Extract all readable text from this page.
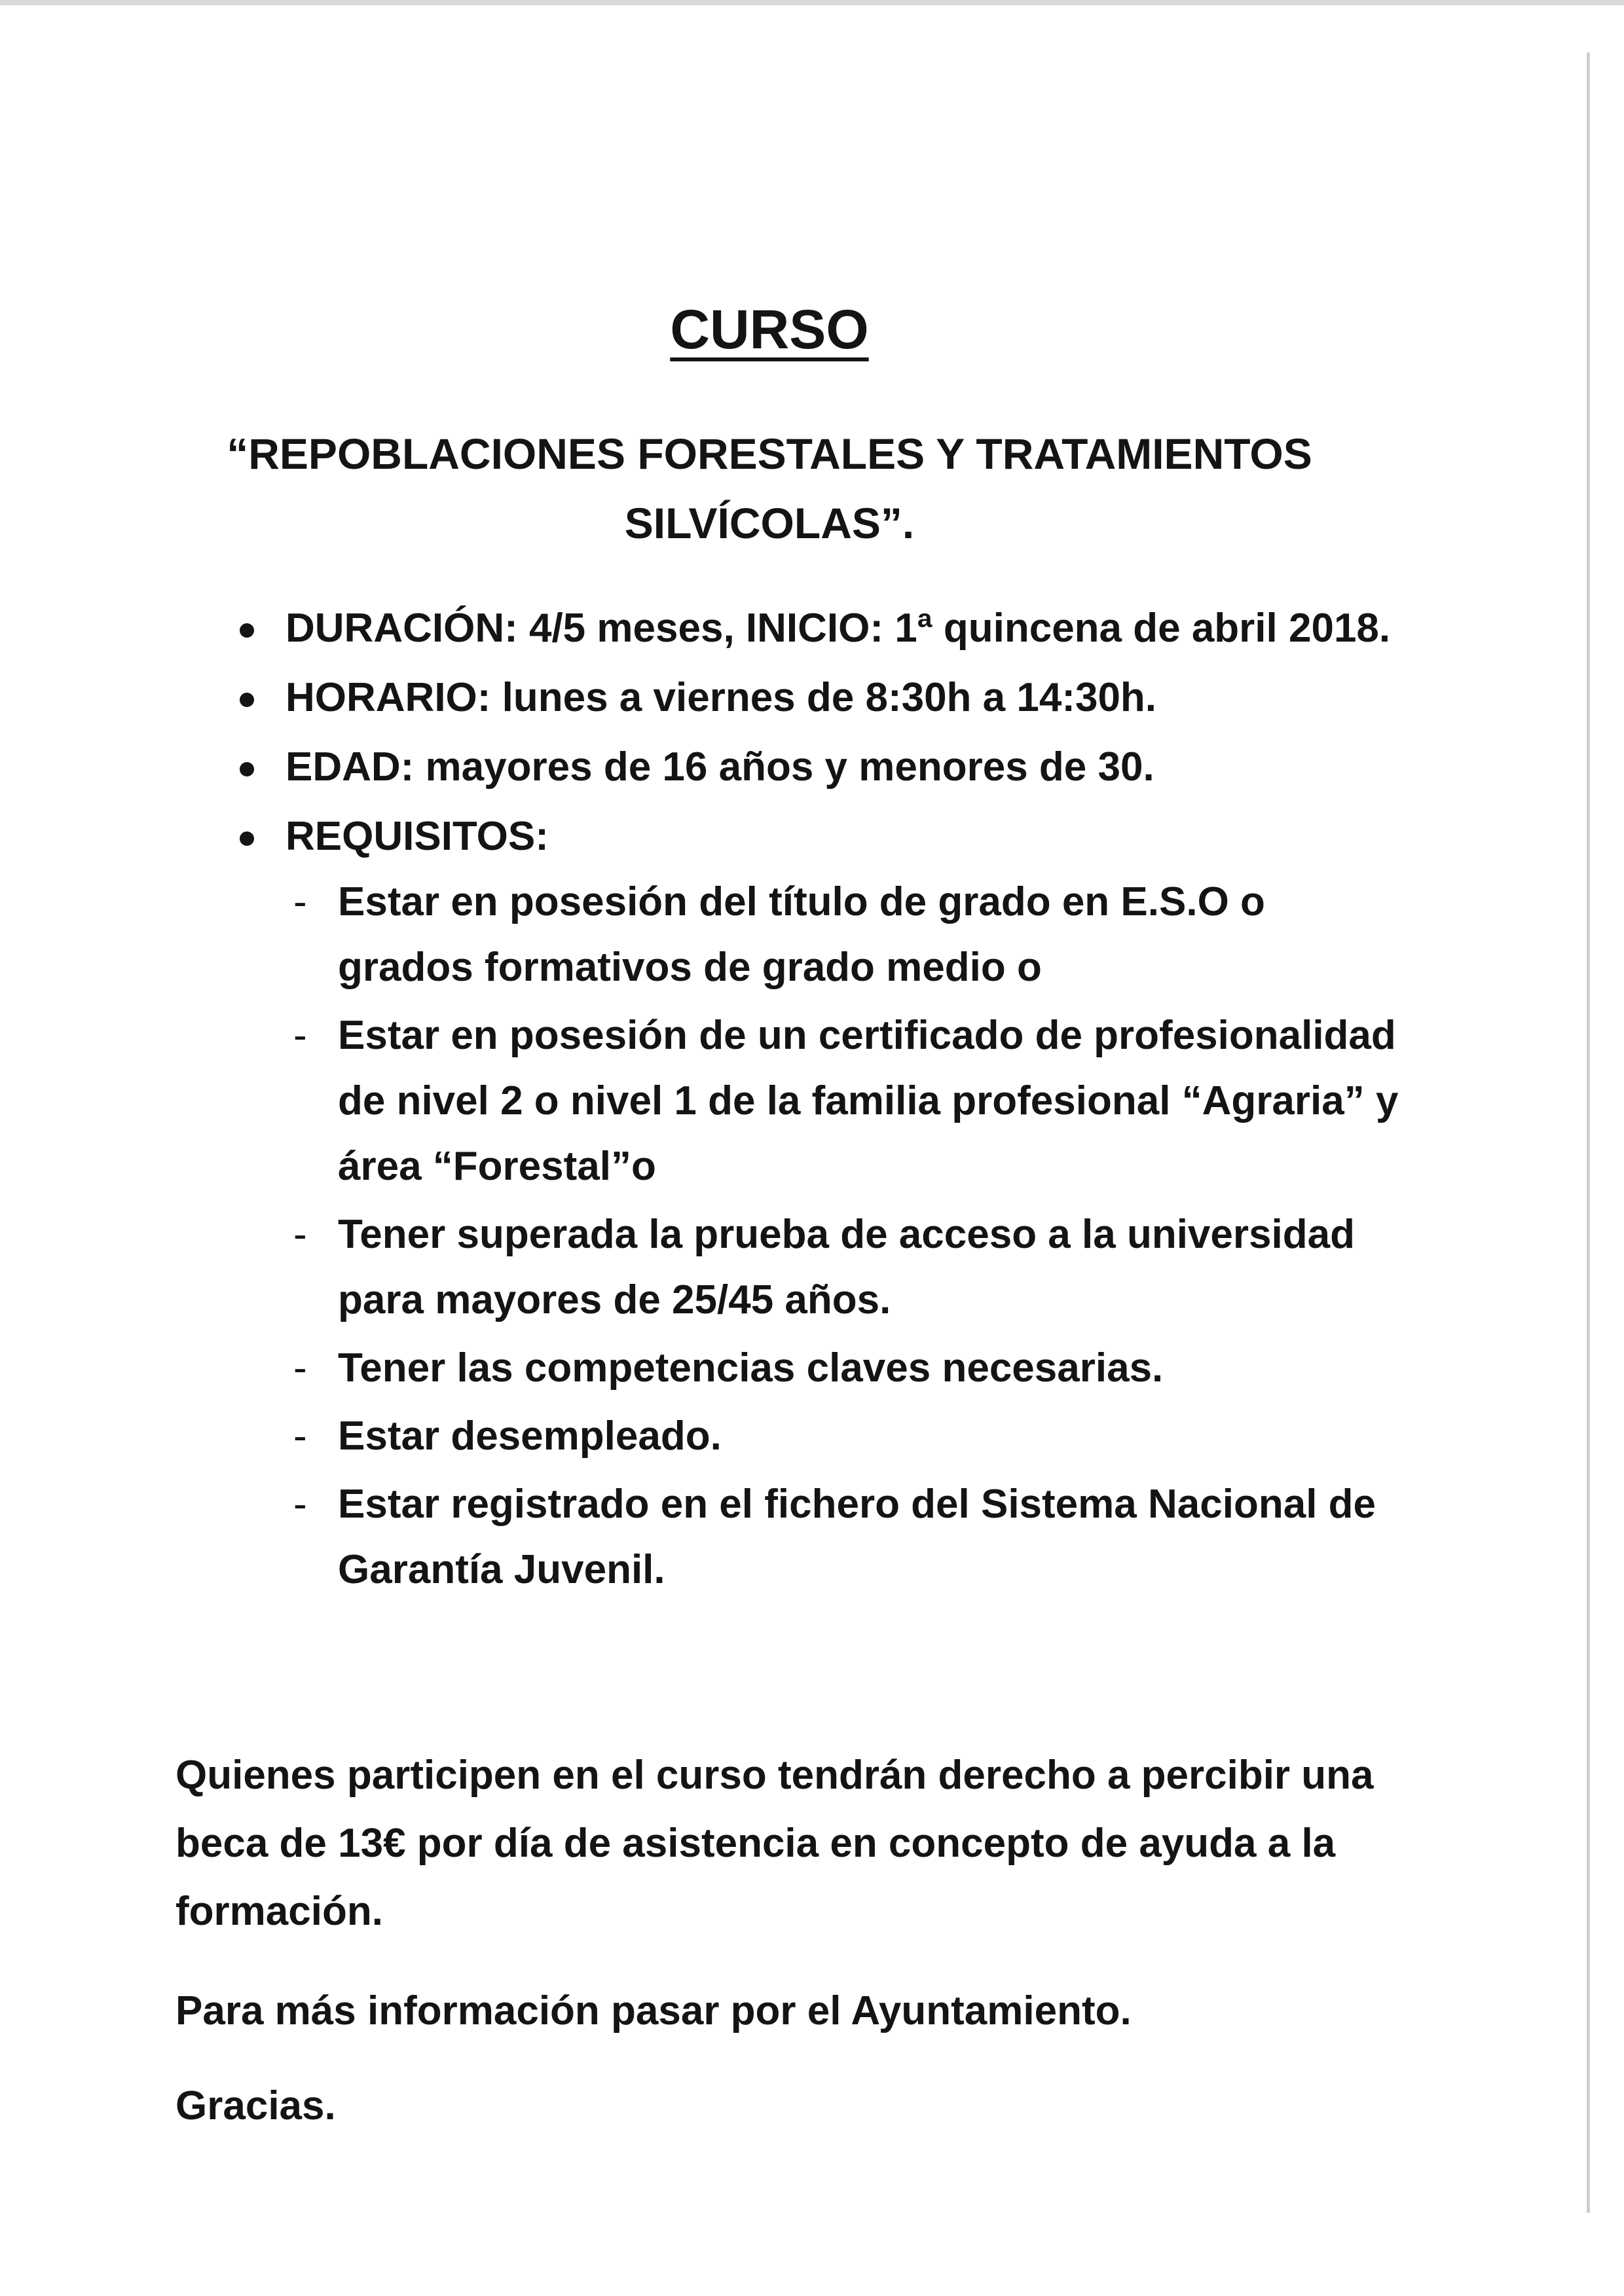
CURSO
“REPOBLACIONES FORESTALES Y TRATAMIENTOS SILVÍCOLAS”.
DURACIÓN: 4/5 meses, INICIO: 1ª quincena de abril 2018.
HORARIO: lunes a viernes de 8:30h a 14:30h.
EDAD: mayores de 16 años y menores de 30.
REQUISITOS:
- Estar en posesión del título de grado en E.S.O o grados formativos de grado medio o
- Estar en posesión de un certificado de profesionalidad de nivel 2 o nivel 1 de la familia profesional “Agraria” y área “Forestal”o
- Tener superada la prueba de acceso a la universidad para mayores de 25/45 años.
- Tener las competencias claves necesarias.
- Estar desempleado.
- Estar registrado en el fichero del Sistema Nacional de Garantía Juvenil.

Quienes participen en el curso tendrán derecho a percibir una beca de 13€ por día de asistencia en concepto de ayuda a la formación.

Para más información pasar por el Ayuntamiento.

Gracias.
